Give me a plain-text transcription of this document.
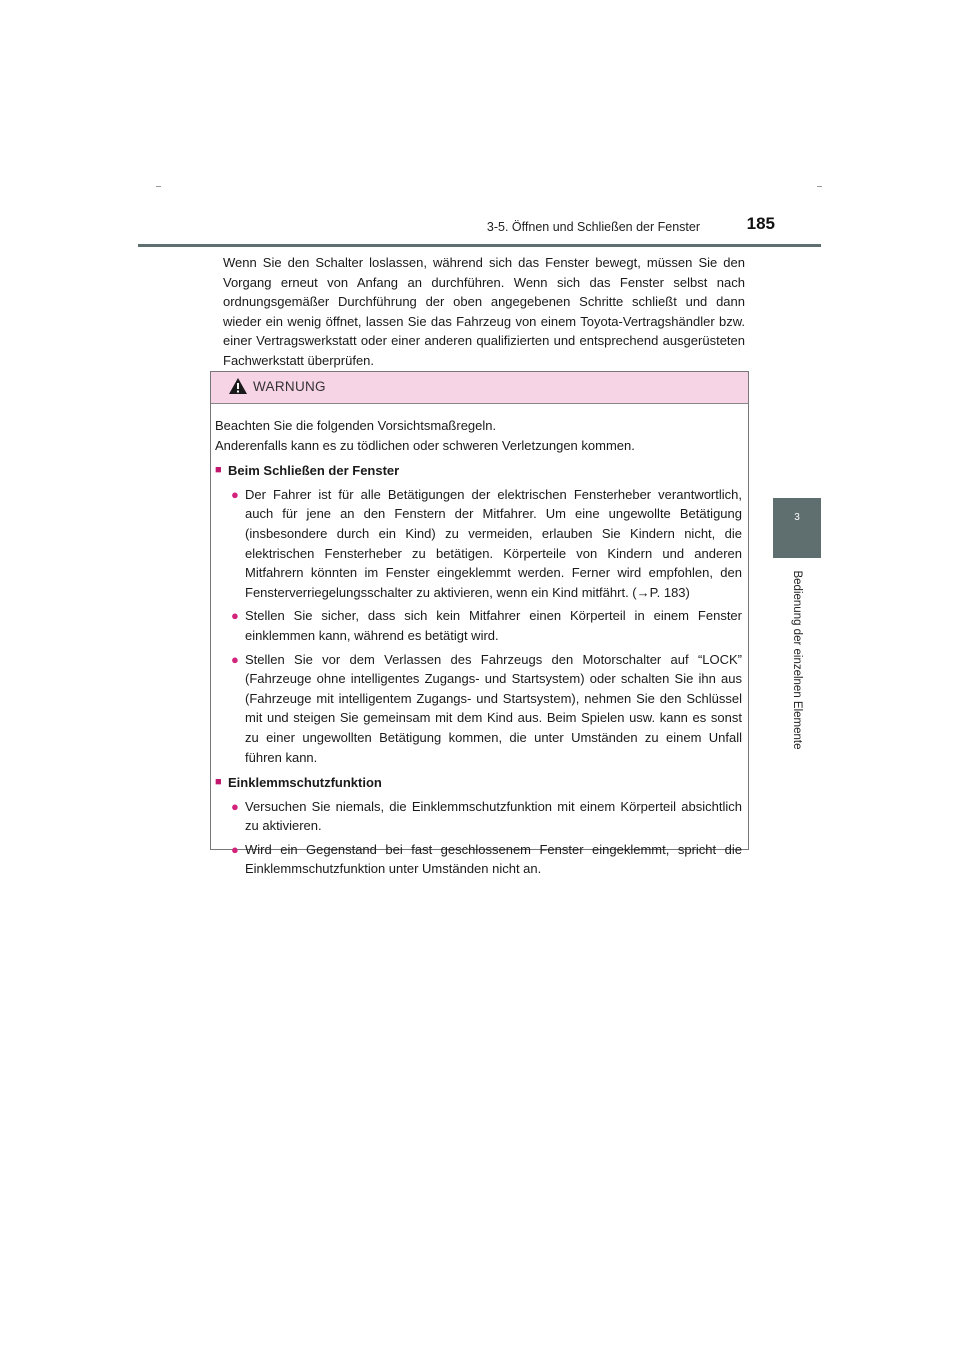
3-5. Öffnen und Schließen der Fenster	185
3
Bedienung der einzelnen Elemente

Wenn Sie den Schalter loslassen, während sich das Fenster bewegt, müssen Sie den Vorgang erneut von Anfang an durchführen. Wenn sich das Fenster selbst nach ordnungsgemäßer Durchführung der oben angegebenen Schritte schließt und dann wieder ein wenig öffnet, lassen Sie das Fahrzeug von einem Toyota-Vertragshändler bzw. einer Vertragswerkstatt oder einer anderen qualifizierten und entsprechend ausgerüsteten Fachwerkstatt überprüfen.

WARNUNG

Beachten Sie die folgenden Vorsichtsmaßregeln.

Anderenfalls kann es zu tödlichen oder schweren Verletzungen kommen.

■ Beim Schließen der Fenster
● Der Fahrer ist für alle Betätigungen der elektrischen Fensterheber verantwortlich, auch für jene an den Fenstern der Mitfahrer. Um eine ungewollte Betätigung (insbesondere durch ein Kind) zu vermeiden, erlauben Sie Kindern nicht, die elektrischen Fensterheber zu betätigen. Körperteile von Kindern und anderen Mitfahrern könnten im Fenster eingeklemmt werden. Ferner wird empfohlen, den Fensterverriegelungsschalter zu aktivieren, wenn ein Kind mitfährt. (→P. 183)
● Stellen Sie sicher, dass sich kein Mitfahrer einen Körperteil in einem Fenster einklemmen kann, während es betätigt wird.
● Stellen Sie vor dem Verlassen des Fahrzeugs den Motorschalter auf “LOCK” (Fahrzeuge ohne intelligentes Zugangs- und Startsystem) oder schalten Sie ihn aus (Fahrzeuge mit intelligentem Zugangs- und Startsystem), nehmen Sie den Schlüssel mit und steigen Sie gemeinsam mit dem Kind aus. Beim Spielen usw. kann es sonst zu einer ungewollten Betätigung kommen, die unter Umständen zu einem Unfall führen kann.
■ Einklemmschutzfunktion
● Versuchen Sie niemals, die Einklemmschutzfunktion mit einem Körperteil absichtlich zu aktivieren.
● Wird ein Gegenstand bei fast geschlossenem Fenster eingeklemmt, spricht die Einklemmschutzfunktion unter Umständen nicht an.
